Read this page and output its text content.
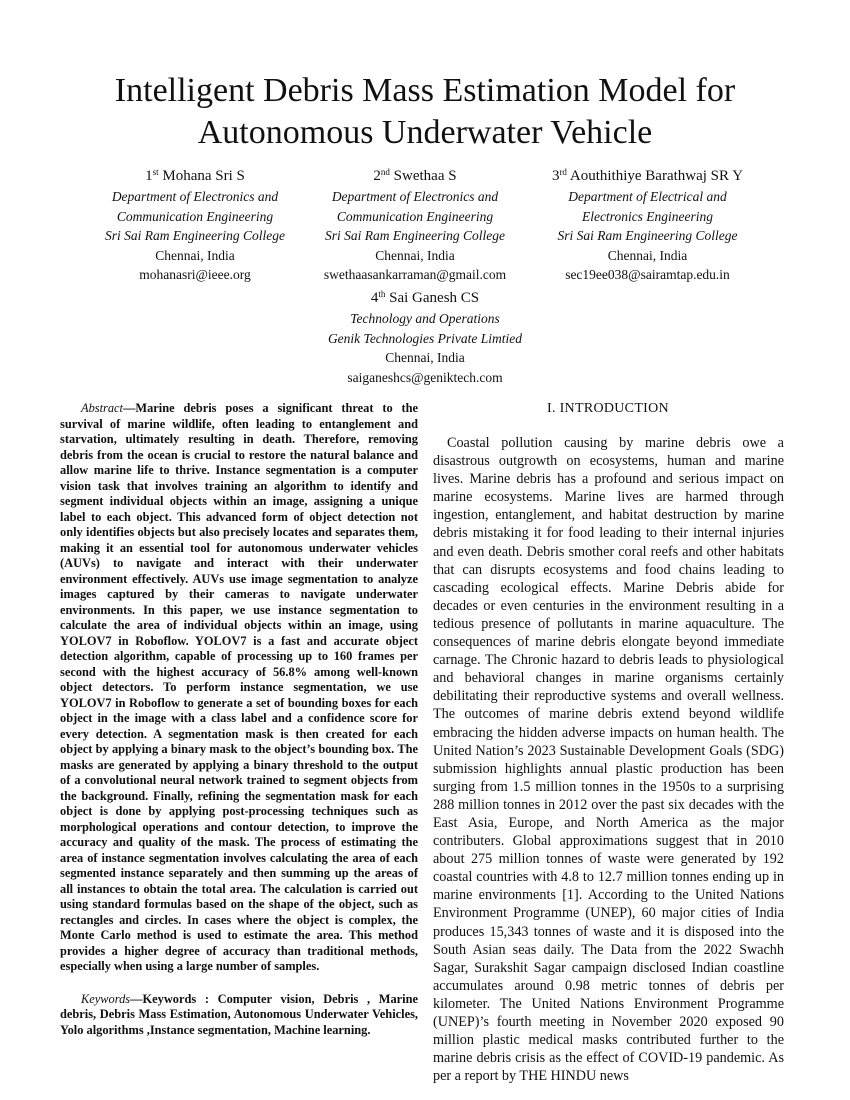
Intelligent Debris Mass Estimation Model for Autonomous Underwater Vehicle
1st Mohana Sri S
Department of Electronics and
Communication Engineering
Sri Sai Ram Engineering College
Chennai, India
mohanasri@ieee.org
2nd Swethaa S
Department of Electronics and
Communication Engineering
Sri Sai Ram Engineering College
Chennai, India
swethaasankarraman@gmail.com
3rd Aouthithiye Barathwaj SR Y
Department of Electrical and
Electronics Engineering
Sri Sai Ram Engineering College
Chennai, India
sec19ee038@sairamtap.edu.in
4th Sai Ganesh CS
Technology and Operations
Genik Technologies Private Limtied
Chennai, India
saiganeshcs@geniktech.com

Abstract—Marine debris poses a significant threat to the survival of marine wildlife, often leading to entanglement and starvation, ultimately resulting in death. Therefore, removing debris from the ocean is crucial to restore the natural balance and allow marine life to thrive. Instance segmentation is a computer vision task that involves training an algorithm to identify and segment individual objects within an image, assigning a unique label to each object. This advanced form of object detection not only identifies objects but also precisely locates and separates them, making it an essential tool for autonomous underwater vehicles (AUVs) to navigate and interact with their underwater environment effectively. AUVs use image segmentation to analyze images captured by their cameras to navigate underwater environments. In this paper, we use instance segmentation to calculate the area of individual objects within an image, using YOLOV7 in Roboflow. YOLOV7 is a fast and accurate object detection algorithm, capable of processing up to 160 frames per second with the highest accuracy of 56.8% among well-known object detectors. To perform instance segmentation, we use YOLOV7 in Roboflow to generate a set of bounding boxes for each object in the image with a class label and a confidence score for every detection. A segmentation mask is then created for each object by applying a binary mask to the object’s bounding box. The masks are generated by applying a binary threshold to the output of a convolutional neural network trained to segment objects from the background. Finally, refining the segmentation mask for each object is done by applying post-processing techniques such as morphological operations and contour detection, to improve the accuracy and quality of the mask. The process of estimating the area of instance segmentation involves calculating the area of each segmented instance separately and then summing up the areas of all instances to obtain the total area. The calculation is carried out using standard formulas based on the shape of the object, such as rectangles and circles. In cases where the object is complex, the Monte Carlo method is used to estimate the area. This method provides a higher degree of accuracy than traditional methods, especially when using a large number of samples.

Keywords—Keywords : Computer vision, Debris , Marine debris, Debris Mass Estimation, Autonomous Underwater Vehicles, Yolo algorithms ,Instance segmentation, Machine learning.

I. INTRODUCTION

Coastal pollution causing by marine debris owe a disastrous outgrowth on ecosystems, human and marine lives. Marine debris has a profound and serious impact on marine ecosystems. Marine lives are harmed through ingestion, entanglement, and habitat destruction by marine debris mistaking it for food leading to their internal injuries and even death. Debris smother coral reefs and other habitats that can disrupts ecosystems and food chains leading to cascading ecological effects. Marine Debris abide for decades or even centuries in the environment resulting in a tedious presence of pollutants in marine aquaculture. The consequences of marine debris elongate beyond immediate carnage. The Chronic hazard to debris leads to physiological and behavioral changes in marine organisms certainly debilitating their reproductive systems and overall wellness. The outcomes of marine debris extend beyond wildlife embracing the hidden adverse impacts on human health. The United Nation’s 2023 Sustainable Development Goals (SDG) submission highlights annual plastic production has been surging from 1.5 million tonnes in the 1950s to a surprising 288 million tonnes in 2012 over the past six decades with the East Asia, Europe, and North America as the major contributers. Global approximations suggest that in 2010 about 275 million tonnes of waste were generated by 192 coastal countries with 4.8 to 12.7 million tonnes ending up in marine environments [1]. According to the United Nations Environment Programme (UNEP), 60 major cities of India produces 15,343 tonnes of waste and it is disposed into the South Asian seas daily. The Data from the 2022 Swachh Sagar, Surakshit Sagar campaign disclosed Indian coastline accumulates around 0.98 metric tonnes of debris per kilometer. The United Nations Environment Programme (UNEP)’s fourth meeting in November 2020 exposed 90 million plastic medical masks contributed further to the marine debris crisis as the effect of COVID-19 pandemic. As per a report by THE HINDU news
